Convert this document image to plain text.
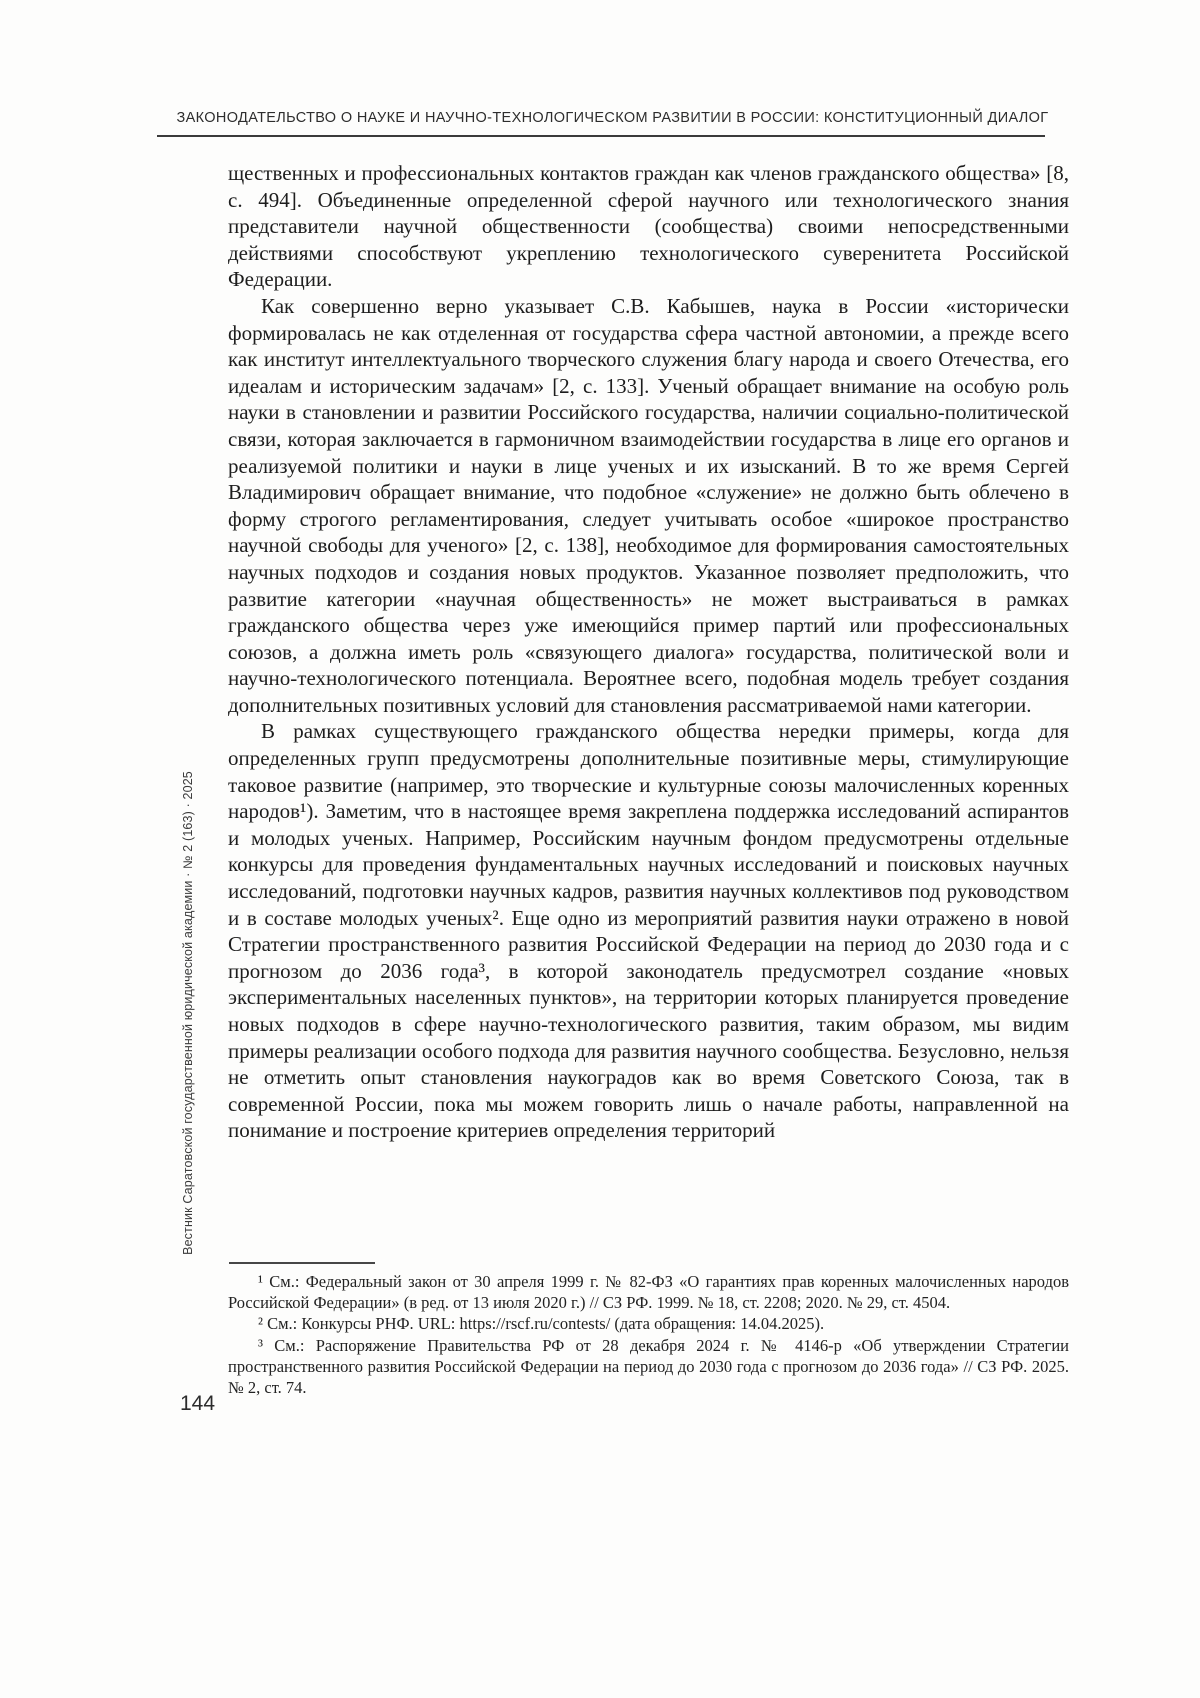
ЗАКОНОДАТЕЛЬСТВО О НАУКЕ И НАУЧНО-ТЕХНОЛОГИЧЕСКОМ РАЗВИТИИ В РОССИИ: КОНСТИТУЦИОННЫЙ ДИАЛОГ

щественных и профессиональных контактов граждан как членов гражданского общества» [8, с. 494]. Объединенные определенной сферой научного или технологического знания представители научной общественности (сообщества) своими непосредственными действиями способствуют укреплению технологического суверенитета Российской Федерации.

Как совершенно верно указывает С.В. Кабышев, наука в России «исторически формировалась не как отделенная от государства сфера частной автономии, а прежде всего как институт интеллектуального творческого служения благу народа и своего Отечества, его идеалам и историческим задачам» [2, с. 133]. Ученый обращает внимание на особую роль науки в становлении и развитии Российского государства, наличии социально-политической связи, которая заключается в гармоничном взаимодействии государства в лице его органов и реализуемой политики и науки в лице ученых и их изысканий. В то же время Сергей Владимирович обращает внимание, что подобное «служение» не должно быть облечено в форму строгого регламентирования, следует учитывать особое «широкое пространство научной свободы для ученого» [2, с. 138], необходимое для формирования самостоятельных научных подходов и создания новых продуктов. Указанное позволяет предположить, что развитие категории «научная общественность» не может выстраиваться в рамках гражданского общества через уже имеющийся пример партий или профессиональных союзов, а должна иметь роль «связующего диалога» государства, политической воли и научно-технологического потенциала. Вероятнее всего, подобная модель требует создания дополнительных позитивных условий для становления рассматриваемой нами категории.

В рамках существующего гражданского общества нередки примеры, когда для определенных групп предусмотрены дополнительные позитивные меры, стимулирующие таковое развитие (например, это творческие и культурные союзы малочисленных коренных народов¹). Заметим, что в настоящее время закреплена поддержка исследований аспирантов и молодых ученых. Например, Российским научным фондом предусмотрены отдельные конкурсы для проведения фундаментальных научных исследований и поисковых научных исследований, подготовки научных кадров, развития научных коллективов под руководством и в составе молодых ученых². Еще одно из мероприятий развития науки отражено в новой Стратегии пространственного развития Российской Федерации на период до 2030 года и с прогнозом до 2036 года³, в которой законодатель предусмотрел создание «новых экспериментальных населенных пунктов», на территории которых планируется проведение новых подходов в сфере научно-технологического развития, таким образом, мы видим примеры реализации особого подхода для развития научного сообщества. Безусловно, нельзя не отметить опыт становления наукоградов как во время Советского Союза, так в современной России, пока мы можем говорить лишь о начале работы, направленной на понимание и построение критериев определения территорий

¹ См.: Федеральный закон от 30 апреля 1999 г. № 82-ФЗ «О гарантиях прав коренных малочисленных народов Российской Федерации» (в ред. от 13 июля 2020 г.) // СЗ РФ. 1999. № 18, ст. 2208; 2020. № 29, ст. 4504.

² См.: Конкурсы РНФ. URL: https://rscf.ru/contests/ (дата обращения: 14.04.2025).

³ См.: Распоряжение Правительства РФ от 28 декабря 2024 г. № 4146-р «Об утверждении Стратегии пространственного развития Российской Федерации на период до 2030 года с прогнозом до 2036 года» // СЗ РФ. 2025. № 2, ст. 74.

Вестник Саратовской государственной юридической академии · № 2 (163) · 2025
144
